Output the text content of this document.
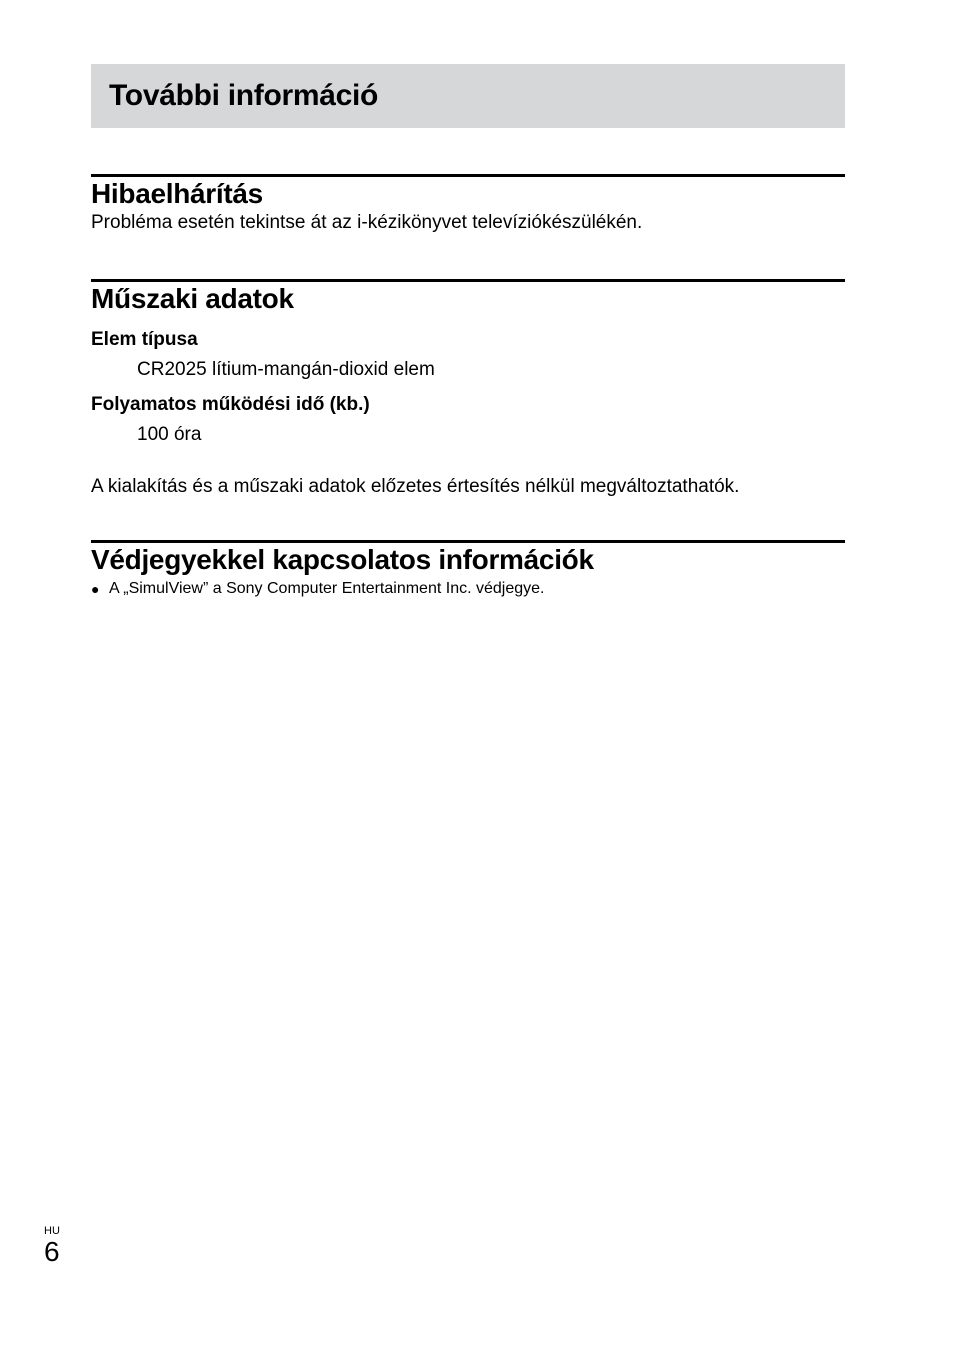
További információ
Hibaelhárítás

Probléma esetén tekintse át az i-kézikönyvet televíziókészülékén.

Műszaki adatok

Elem típusa

CR2025 lítium-mangán-dioxid elem

Folyamatos működési idő (kb.)

100 óra

A kialakítás és a műszaki adatok előzetes értesítés nélkül megváltoztathatók.

Védjegyekkel kapcsolatos információk
● A „SimulView” a Sony Computer Entertainment Inc. védjegye.
HU
6
